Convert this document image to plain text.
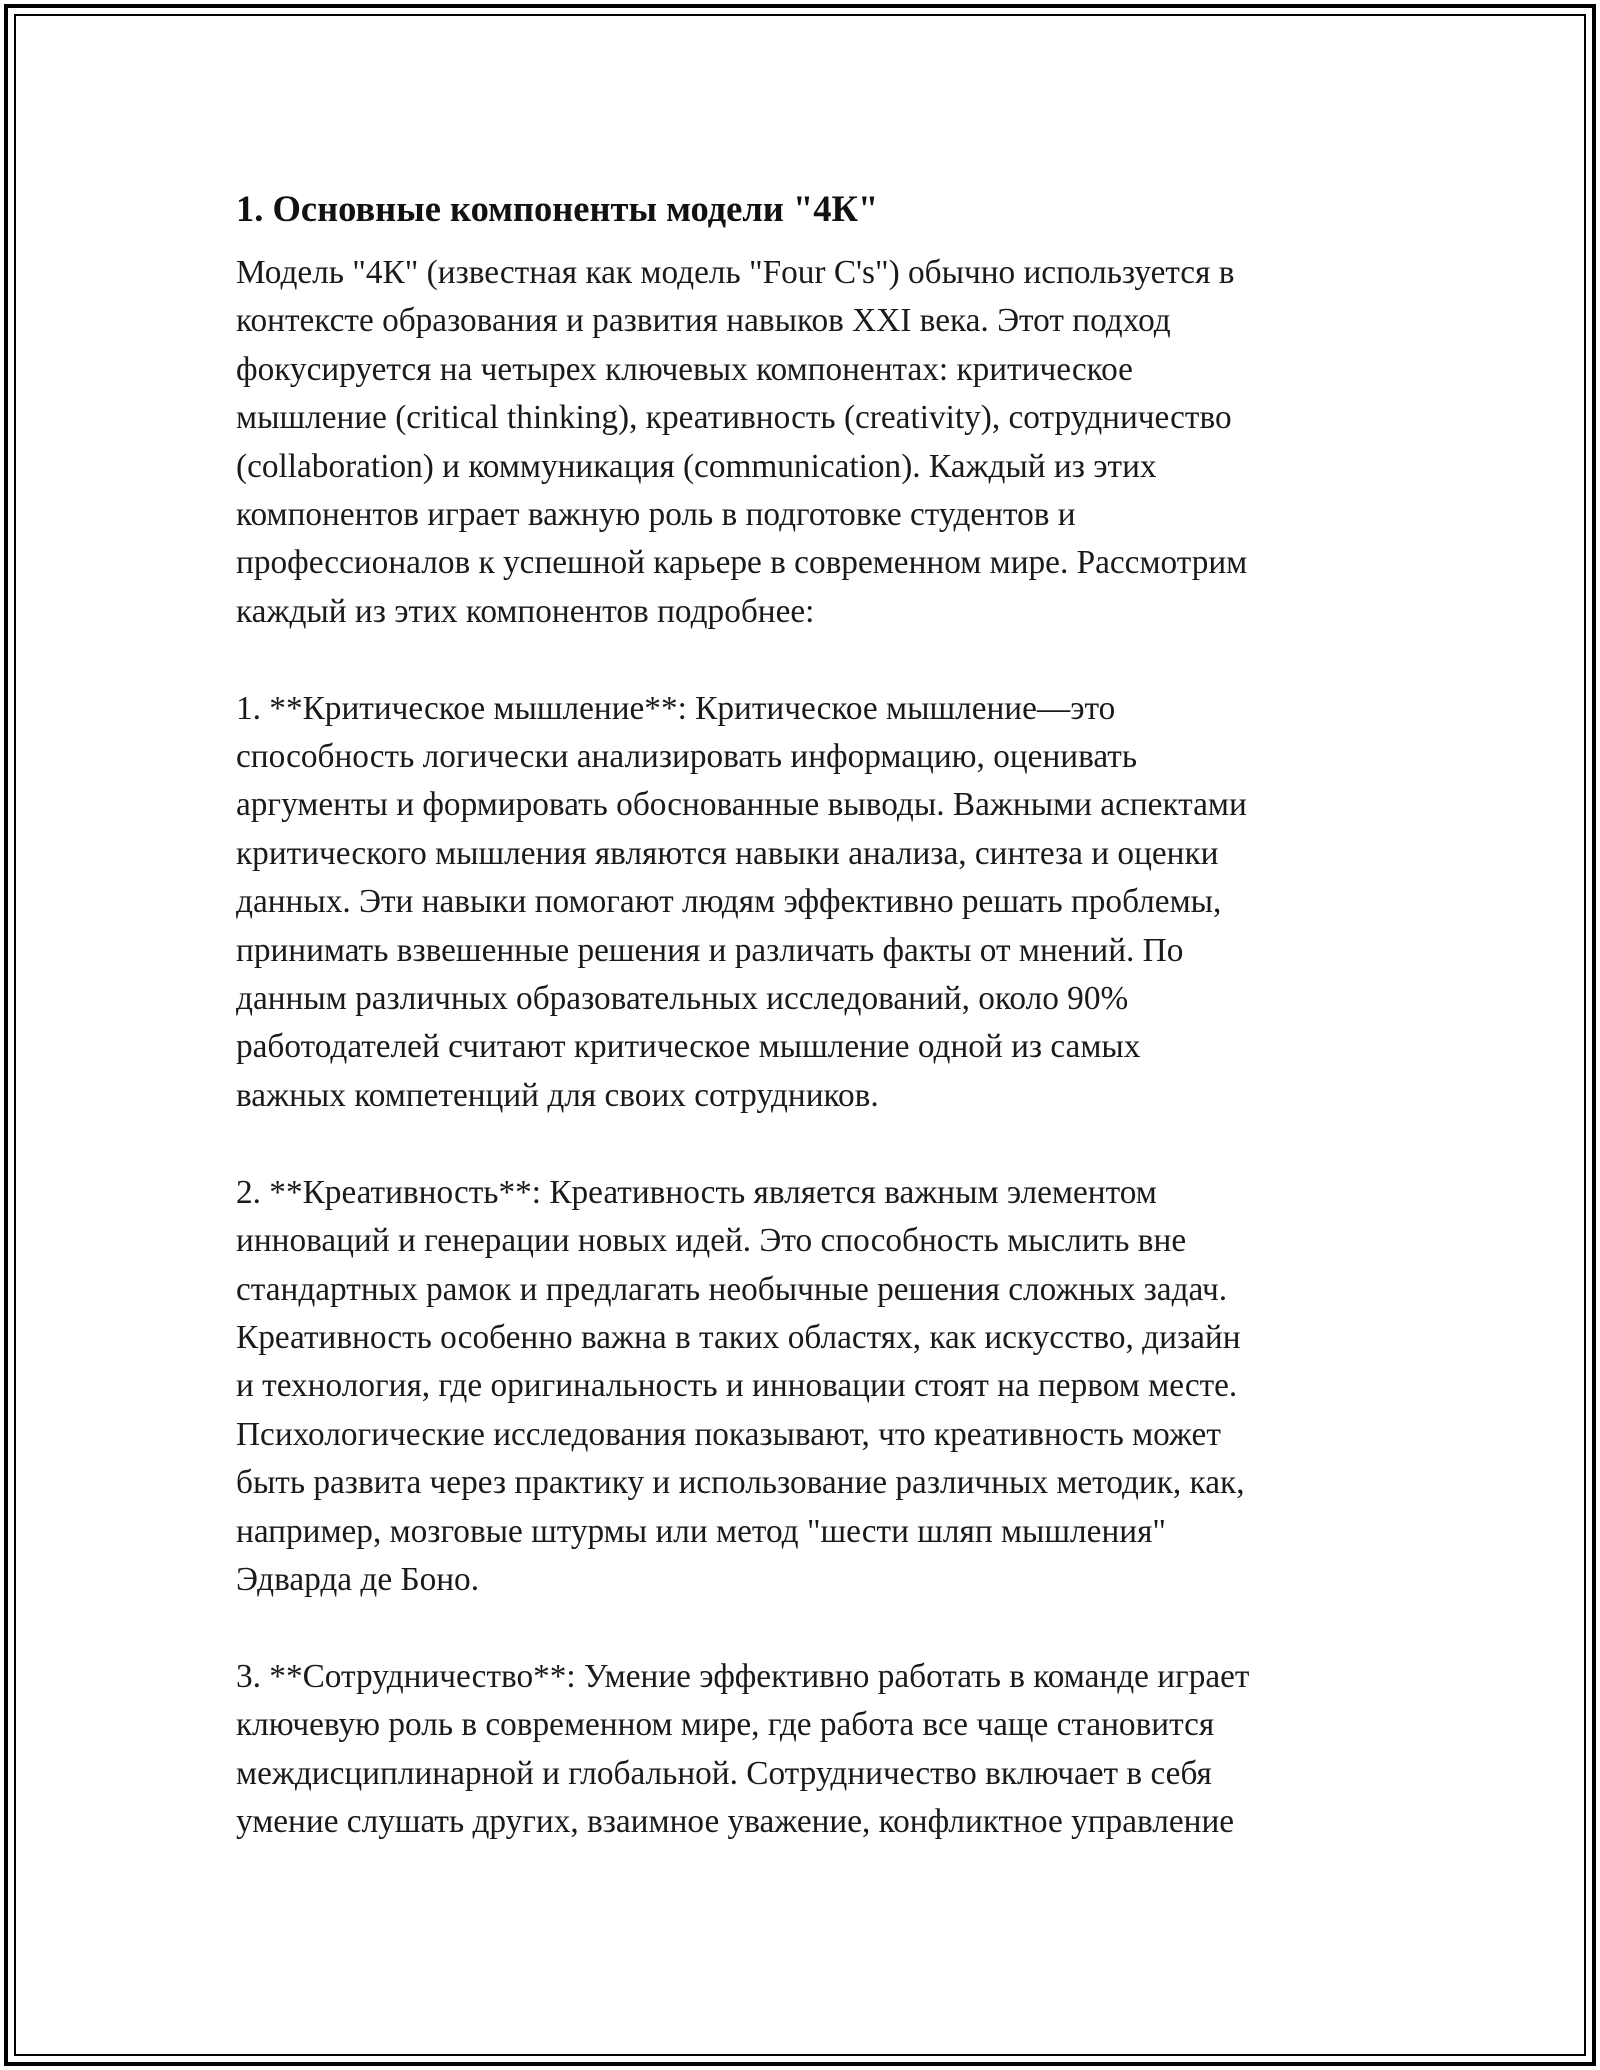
1. Основные компоненты модели "4К"

Модель "4К" (известная как модель "Four C's") обычно используется в
контексте образования и развития навыков XXI века. Этот подход
фокусируется на четырех ключевых компонентах: критическое
мышление (critical thinking), креативность (creativity), сотрудничество
(collaboration) и коммуникация (communication). Каждый из этих
компонентов играет важную роль в подготовке студентов и
профессионалов к успешной карьере в современном мире. Рассмотрим
каждый из этих компонентов подробнее:

1. **Критическое мышление**: Критическое мышление—это
способность логически анализировать информацию, оценивать
аргументы и формировать обоснованные выводы. Важными аспектами
критического мышления являются навыки анализа, синтеза и оценки
данных. Эти навыки помогают людям эффективно решать проблемы,
принимать взвешенные решения и различать факты от мнений. По
данным различных образовательных исследований, около 90%
работодателей считают критическое мышление одной из самых
важных компетенций для своих сотрудников.

2. **Креативность**: Креативность является важным элементом
инноваций и генерации новых идей. Это способность мыслить вне
стандартных рамок и предлагать необычные решения сложных задач.
Креативность особенно важна в таких областях, как искусство, дизайн
и технология, где оригинальность и инновации стоят на первом месте.
Психологические исследования показывают, что креативность может
быть развита через практику и использование различных методик, как,
например, мозговые штурмы или метод "шести шляп мышления"
Эдварда де Боно.

3. **Сотрудничество**: Умение эффективно работать в команде играет
ключевую роль в современном мире, где работа все чаще становится
междисциплинарной и глобальной. Сотрудничество включает в себя
умение слушать других, взаимное уважение, конфликтное управление
